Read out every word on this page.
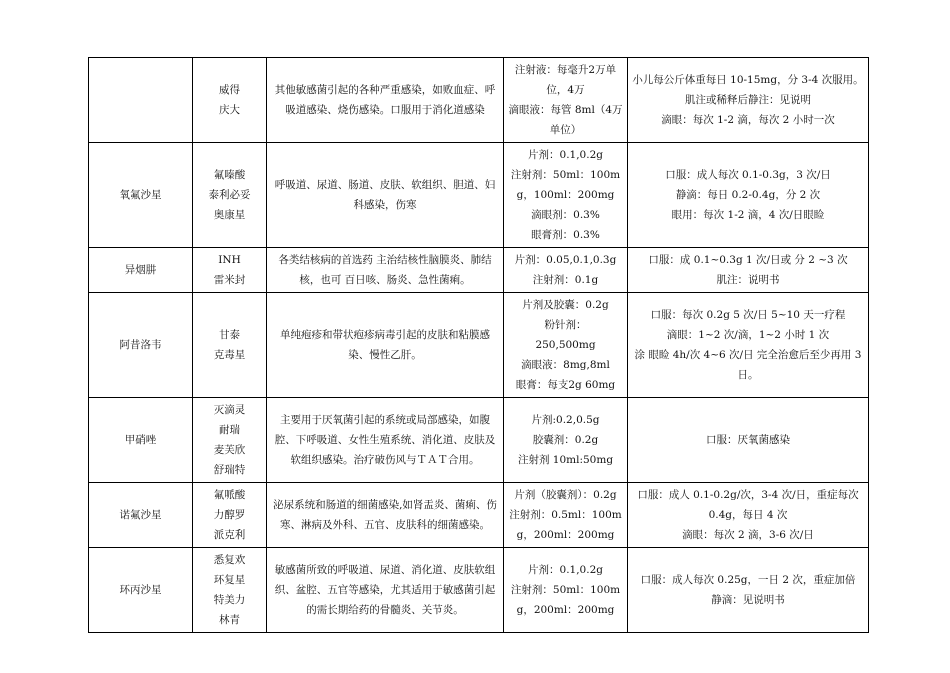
	威得
庆大	其他敏感菌引起的各种严重感染，如败血症、呼吸道感染、烧伤感染。口服用于消化道感染	注射液：每毫升2万单位，4万
滴眼液：每管 8ml（4万单位）	小儿每公斤体重每日 10-15mg，分 3-4 次服用。
肌注或稀释后静注：见说明
滴眼：每次 1-2 滴，每次 2 小时一次

氧氟沙星	氟嗪酸
泰利必妥
奥康星	呼吸道、尿道、肠道、皮肤、软组织、胆道、妇科感染，伤寒	片剂：0.1,0.2g
注射剂：50ml：100mg，100ml：200mg
滴眼剂：0.3%
眼膏剂：0.3%	口服：成人每次 0.1-0.3g，3 次/日
静滴：每日 0.2-0.4g，分 2 次
眼用：每次 1-2 滴，4 次/日眼睑

异烟肼	INH
雷米封	各类结核病的首选药 主治结核性脑膜炎、肺结核，也可 百日咳、肠炎、急性菌痢。	片剂：0.05,0.1,0.3g
注射剂：0.1g	口服：成 0.1~0.3g 1 次/日或 分 2 ~3 次
肌注：说明书

阿昔洛韦	甘泰
克毒星	单纯疱疹和带状疱疹病毒引起的皮肤和粘膜感染、慢性乙肝。	片剂及胶囊：0.2g
粉针剂：
250,500mg
滴眼液：8mg,8ml
眼膏：每支2g 60mg	口服：每次 0.2g 5 次/日 5~10 天一疗程
滴眼：1~2 次/滴，1~2 小时 1 次
涂 眼睑 4h/次 4~6 次/日 完全治愈后至少再用 3 日。

甲硝唑	灭滴灵
耐瑞
麦芙欣
舒瑞特	主要用于厌氧菌引起的系统或局部感染，如腹腔、下呼吸道、女性生殖系统、消化道、皮肤及软组织感染。治疗破伤风与ＴＡＴ合用。	片剂:0.2,0.5g
胶囊剂：0.2g
注射剂 10ml:50mg	口服：厌氧菌感染

诺氟沙星	氟哌酸
力醇罗
派克利	泌尿系统和肠道的细菌感染,如肾盂炎、菌痢、伤寒、淋病及外科、五官、皮肤科的细菌感染。	片剂（胶囊剂）：0.2g
注射剂：0.5ml：100mg，200ml：200mg	口服：成人 0.1-0.2g/次，3-4 次/日，重症每次 0.4g，每日 4 次
滴眼：每次 2 滴，3-6 次/日

环丙沙星	悉复欢
环复星
特美力
林青	敏感菌所致的呼吸道、尿道、消化道、皮肤软组织、盆腔、五官等感染，尤其适用于敏感菌引起的需长期给药的骨髓炎、关节炎。	片剂：0.1,0.2g
注射剂：50ml：100mg，200ml：200mg	口服：成人每次 0.25g，一日 2 次，重症加倍
静滴：见说明书
